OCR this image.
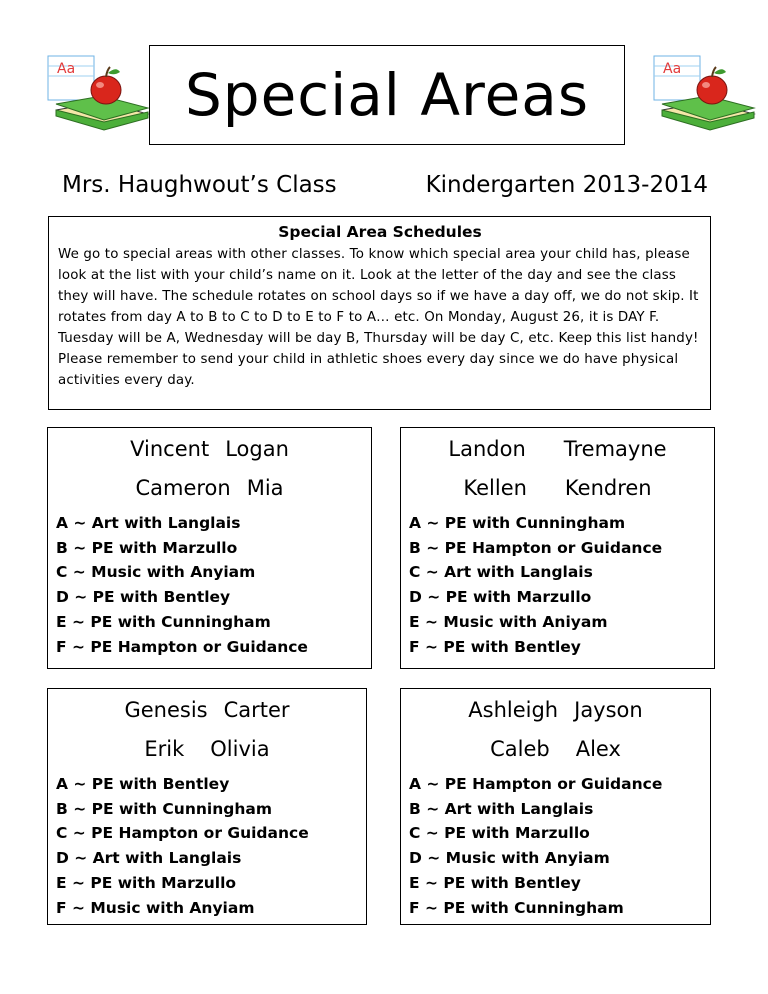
Aa Special Areas	Aa
Mrs. Haughwout’s Class	Kindergarten 2013-2014
Special Area Schedules

We go to special areas with other classes. To know which special area your child has, please look at the list with your child’s name on it. Look at the letter of the day and see the class they will have. The schedule rotates on school days so if we have a day off, we do not skip. It rotates from day A to B to C to D to E to F to A… etc. On Monday, August 26, it is DAY F. Tuesday will be A, Wednesday will be day B, Thursday will be day C, etc. Keep this list handy! Please remember to send your child in athletic shoes every day since we do have physical activities every day.

Vincent Logan
Cameron Mia
A ~ Art with Langlais
B ~ PE with Marzullo
C ~ Music with Anyiam
D ~ PE with Bentley
E ~ PE with Cunningham
F ~ PE Hampton or Guidance
Landon Tremayne
Kellen Kendren
A ~ PE with Cunningham
B ~ PE Hampton or Guidance
C ~ Art with Langlais
D ~ PE with Marzullo
E ~ Music with Aniyam
F ~ PE with Bentley
Genesis Carter
Erik Olivia
A ~ PE with Bentley
B ~ PE with Cunningham
C ~ PE Hampton or Guidance
D ~ Art with Langlais
E ~ PE with Marzullo
F ~ Music with Anyiam
Ashleigh Jayson
Caleb Alex
A ~ PE Hampton or Guidance
B ~ Art with Langlais
C ~ PE with Marzullo
D ~ Music with Anyiam
E ~ PE with Bentley
F ~ PE with Cunningham
